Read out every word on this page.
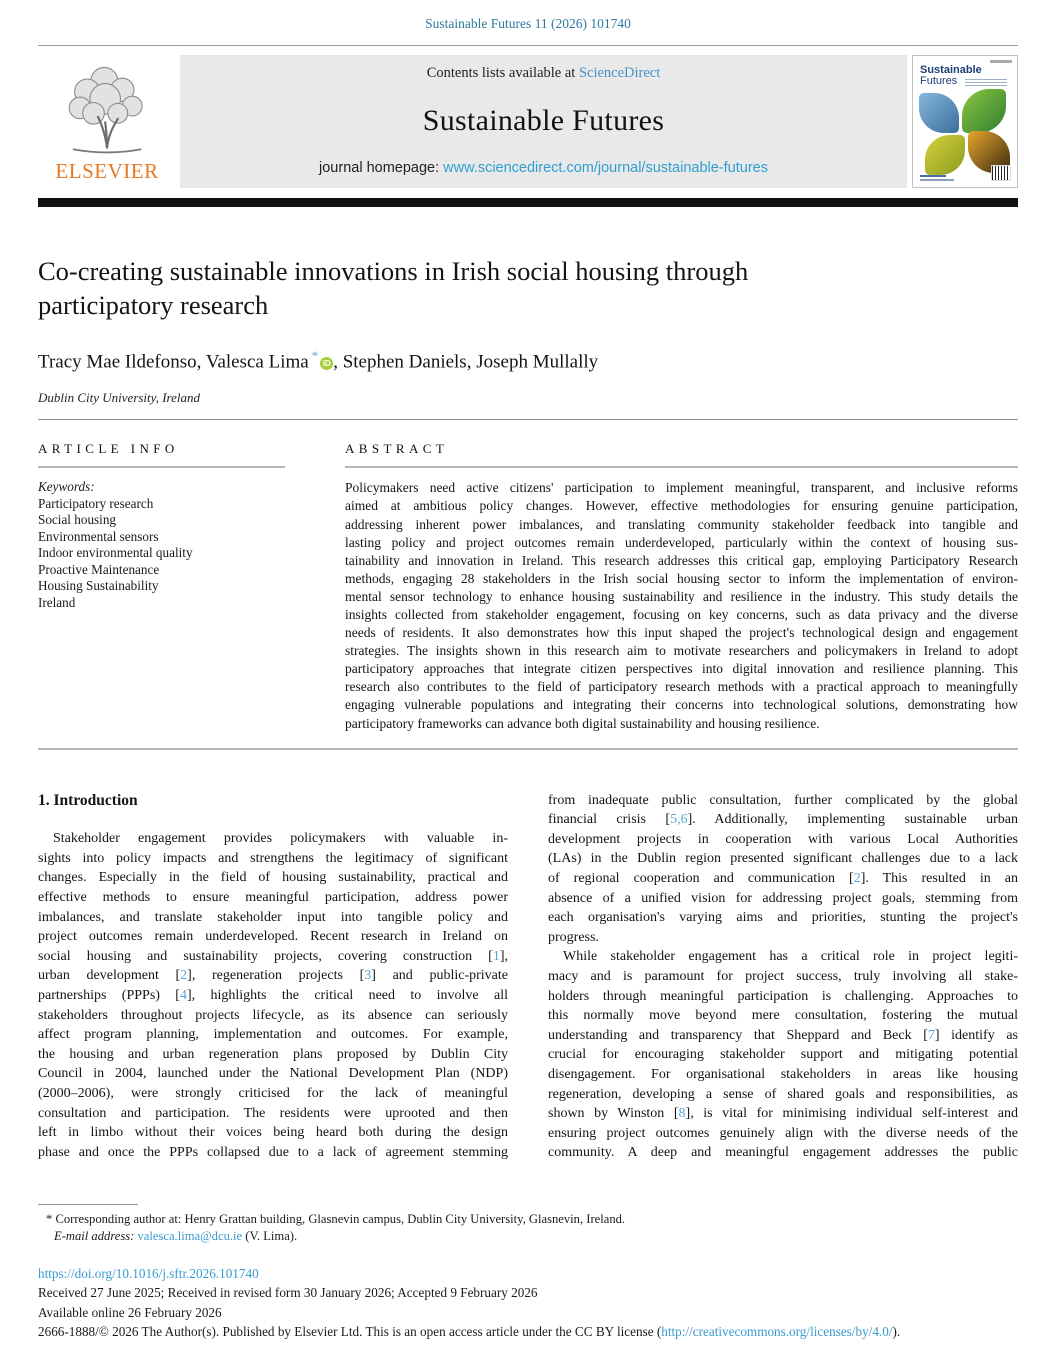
Sustainable Futures 11 (2026) 101740
ELSEVIER
Contents lists available at ScienceDirect
Sustainable Futures
journal homepage: www.sciencedirect.com/journal/sustainable-futures
Sustainable
Futures
Co-creating sustainable innovations in Irish social housing through participatory research
Tracy Mae Ildefonso, Valesca Lima *iD , Stephen Daniels, Joseph Mullally
Dublin City University, Ireland
ARTICLE INFO
Keywords:
Participatory research
Social housing
Environmental sensors
Indoor environmental quality
Proactive Maintenance
Housing Sustainability
Ireland
ABSTRACT
Policymakers need active citizens' participation to implement meaningful, transparent, and inclusive reforms
aimed at ambitious policy changes. However, effective methodologies for ensuring genuine participation,
addressing inherent power imbalances, and translating community stakeholder feedback into tangible and
lasting policy and project outcomes remain underdeveloped, particularly within the context of housing sus-
tainability and innovation in Ireland. This research addresses this critical gap, employing Participatory Research
methods, engaging 28 stakeholders in the Irish social housing sector to inform the implementation of environ-
mental sensor technology to enhance housing sustainability and resilience in the industry. This study details the
insights collected from stakeholder engagement, focusing on key concerns, such as data privacy and the diverse
needs of residents. It also demonstrates how this input shaped the project's technological design and engagement
strategies. The insights shown in this research aim to motivate researchers and policymakers in Ireland to adopt
participatory approaches that integrate citizen perspectives into digital innovation and resilience planning. This
research also contributes to the field of participatory research methods with a practical approach to meaningfully
engaging vulnerable populations and integrating their concerns into technological solutions, demonstrating how
participatory frameworks can advance both digital sustainability and housing resilience.
1. Introduction
Stakeholder engagement provides policymakers with valuable in-
sights into policy impacts and strengthens the legitimacy of significant
changes. Especially in the field of housing sustainability, practical and
effective methods to ensure meaningful participation, address power
imbalances, and translate stakeholder input into tangible policy and
project outcomes remain underdeveloped. Recent research in Ireland on
social housing and sustainability projects, covering construction [1],
urban development [2], regeneration projects [3] and public-private
partnerships (PPPs) [4], highlights the critical need to involve all
stakeholders throughout projects lifecycle, as its absence can seriously
affect program planning, implementation and outcomes. For example,
the housing and urban regeneration plans proposed by Dublin City
Council in 2004, launched under the National Development Plan (NDP)
(2000–2006), were strongly criticised for the lack of meaningful
consultation and participation. The residents were uprooted and then
left in limbo without their voices being heard both during the design
phase and once the PPPs collapsed due to a lack of agreement stemming
from inadequate public consultation, further complicated by the global
financial crisis [5,6]. Additionally, implementing sustainable urban
development projects in cooperation with various Local Authorities
(LAs) in the Dublin region presented significant challenges due to a lack
of regional cooperation and communication [2]. This resulted in an
absence of a unified vision for addressing project goals, stemming from
each organisation's varying aims and priorities, stunting the project's
progress.
While stakeholder engagement has a critical role in project legiti-
macy and is paramount for project success, truly involving all stake-
holders through meaningful participation is challenging. Approaches to
this normally move beyond mere consultation, fostering the mutual
understanding and transparency that Sheppard and Beck [7] identify as
crucial for encouraging stakeholder support and mitigating potential
disengagement. For organisational stakeholders in areas like housing
regeneration, developing a sense of shared goals and responsibilities, as
shown by Winston [8], is vital for minimising individual self-interest and
ensuring project outcomes genuinely align with the diverse needs of the
community. A deep and meaningful engagement addresses the public
* Corresponding author at: Henry Grattan building, Glasnevin campus, Dublin City University, Glasnevin, Ireland.
E-mail address: valesca.lima@dcu.ie (V. Lima).
https://doi.org/10.1016/j.sftr.2026.101740
Received 27 June 2025; Received in revised form 30 January 2026; Accepted 9 February 2026
Available online 26 February 2026
2666-1888/© 2026 The Author(s). Published by Elsevier Ltd. This is an open access article under the CC BY license (http://creativecommons.org/licenses/by/4.0/).
